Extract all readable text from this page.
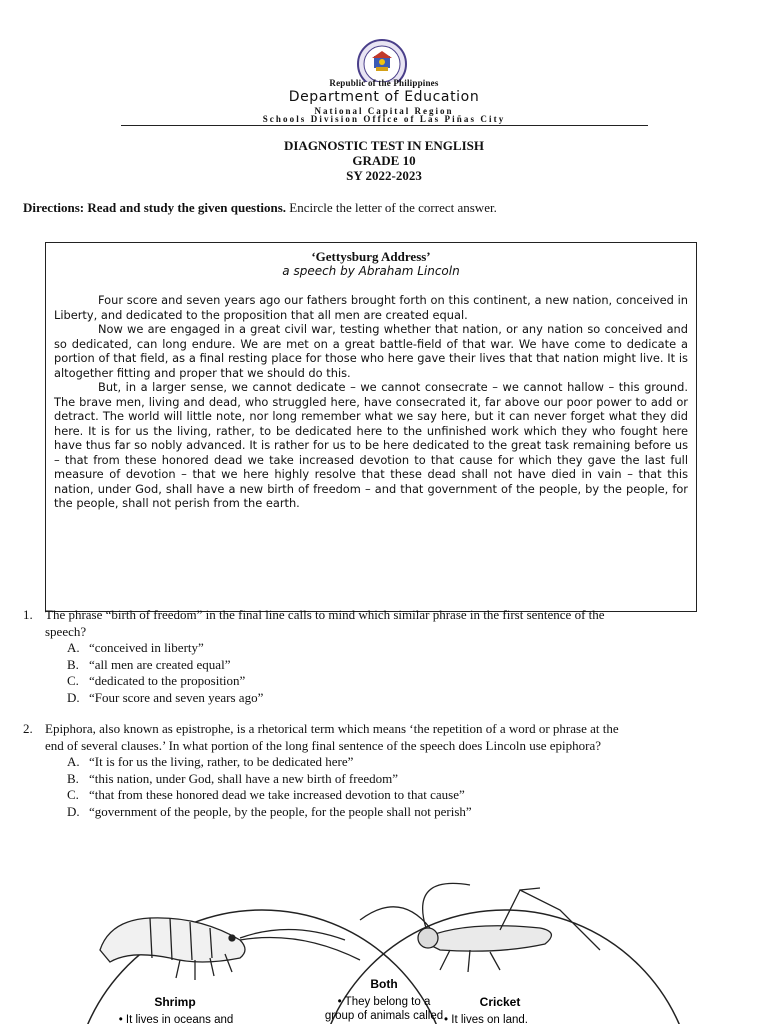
Republic of the Philippines
Department of Education
National Capital Region
Schools Division Office of Las Piñas City
DIAGNOSTIC TEST IN ENGLISH
GRADE 10
SY 2022-2023
Directions: Read and study the given questions. Encircle the letter of the correct answer.
‘Gettysburg Address’
a speech by Abraham Lincoln

Four score and seven years ago our fathers brought forth on this continent, a new nation, conceived in Liberty, and dedicated to the proposition that all men are created equal.

Now we are engaged in a great civil war, testing whether that nation, or any nation so conceived and so dedicated, can long endure. We are met on a great battle-field of that war. We have come to dedicate a portion of that field, as a final resting place for those who here gave their lives that that nation might live. It is altogether fitting and proper that we should do this.

But, in a larger sense, we cannot dedicate – we cannot consecrate – we cannot hallow – this ground. The brave men, living and dead, who struggled here, have consecrated it, far above our poor power to add or detract. The world will little note, nor long remember what we say here, but it can never forget what they did here. It is for us the living, rather, to be dedicated here to the unfinished work which they who fought here have thus far so nobly advanced. It is rather for us to be here dedicated to the great task remaining before us – that from these honored dead we take increased devotion to that cause for which they gave the last full measure of devotion – that we here highly resolve that these dead shall not have died in vain – that this nation, under God, shall have a new birth of freedom – and that government of the people, by the people, for the people, shall not perish from the earth.

1. The phrase “birth of freedom” in the final line calls to mind which similar phrase in the first sentence of the
speech?
A. “conceived in liberty”
B. “all men are created equal”
C. “dedicated to the proposition”
D. “Four score and seven years ago”
2. Epiphora, also known as epistrophe, is a rhetorical term which means ‘the repetition of a word or phrase at the
end of several clauses.’ In what portion of the long final sentence of the speech does Lincoln use epiphora?
A. “It is for us the living, rather, to be dedicated here”
B. “this nation, under God, shall have a new birth of freedom”
C. “that from these honored dead we take increased devotion to that cause”
D. “government of the people, by the people, for the people shall not perish”
Shrimp
• It lives in oceans and
Both
• They belong to a
group of animals called
Cricket
• It lives on land.
